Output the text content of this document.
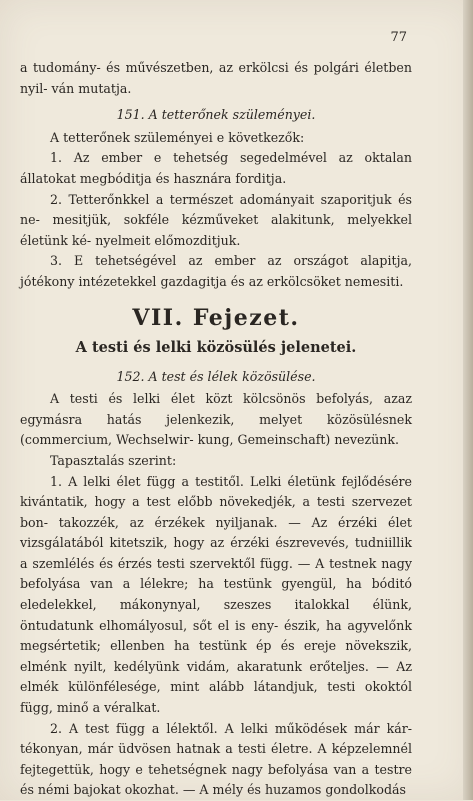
77

a tudomány- és művészetben, az erkölcsi és polgári életben nyil- ván mutatja.

151. A tetterőnek szüleményei.

A tetterőnek szüleményei e következők:

1. Az ember e tehetség segedelmével az oktalan állatokat megbóditja és hasznára forditja.

2. Tetterőnkkel a természet adományait szaporitjuk és ne- mesitjük, sokféle kézműveket alakitunk, melyekkel életünk ké- nyelmeit előmozditjuk.

3. E tehetségével az ember az országot alapitja, jótékony intézetekkel gazdagitja és az erkölcsöket nemesiti.

VII. Fejezet.
A testi és lelki közösülés jelenetei.
152. A test és lélek közösülése.

A testi és lelki élet közt kölcsönös befolyás, azaz egymásra hatás jelenkezik, melyet közösülésnek (commercium, Wechselwir- kung, Gemeinschaft) nevezünk.

Tapasztalás szerint:

1. A lelki élet függ a testitől. Lelki életünk fejlődésére kivántatik, hogy a test előbb növekedjék, a testi szervezet bon- takozzék, az érzékek nyiljanak. — Az érzéki élet vizsgálatából kitetszik, hogy az érzéki észrevevés, tudniillik a szemlélés és érzés testi szervektől függ. — A testnek nagy befolyása van a lélekre; ha testünk gyengül, ha bóditó eledelekkel, mákonynyal, szeszes italokkal élünk, öntudatunk elhomályosul, sőt el is eny- észik, ha agyvelőnk megsértetik; ellenben ha testünk ép és ereje növekszik, elménk nyilt, kedélyünk vidám, akaratunk erőteljes. — Az elmék különfélesége, mint alább látandjuk, testi okoktól függ, minő a véralkat.

2. A test függ a lélektől. A lelki működések már kár- tékonyan, már üdvösen hatnak a testi életre. A képzelemnél fejtegettük, hogy e tehetségnek nagy befolyása van a testre és némi bajokat okozhat. — A mély és huzamos gondolkodás
